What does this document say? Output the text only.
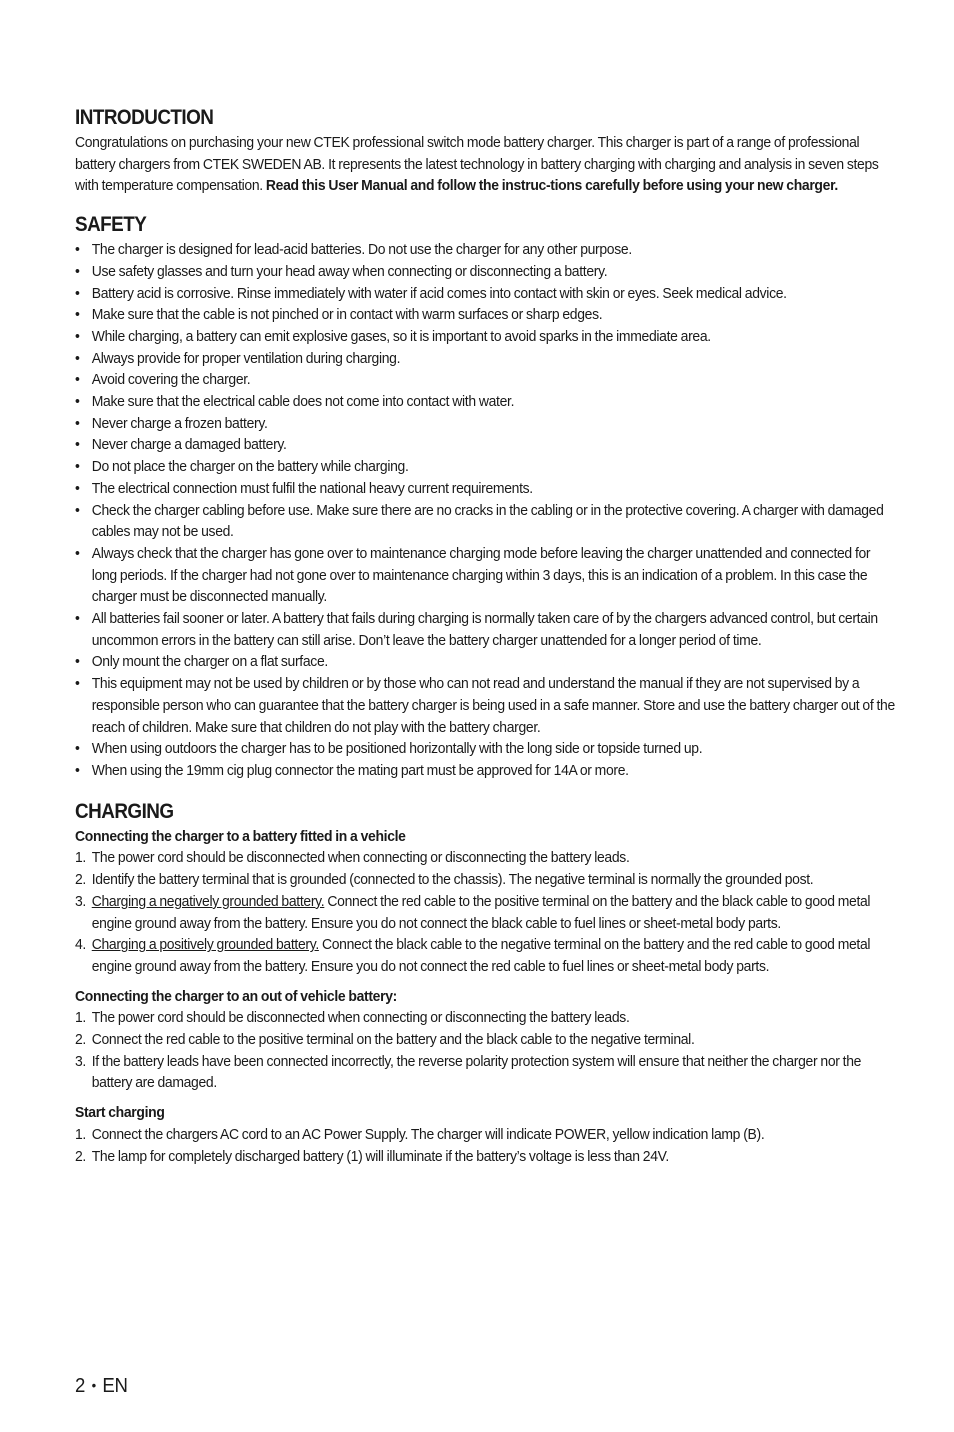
INTRODUCTION

Congratulations on purchasing your new CTEK professional switch mode battery charger. This charger is part of a range of professional battery chargers from CTEK SWEDEN AB. It represents the latest technology in battery charging with charging and analysis in seven steps with temperature compensation. Read this User Manual and follow the instruc-tions carefully before using your new charger.

SAFETY
• The charger is designed for lead-acid batteries. Do not use the charger for any other purpose.
• Use safety glasses and turn your head away when connecting or disconnecting a battery.
• Battery acid is corrosive. Rinse immediately with water if acid comes into contact with skin or eyes. Seek medical advice.
• Make sure that the cable is not pinched or in contact with warm surfaces or sharp edges.
• While charging, a battery can emit explosive gases, so it is important to avoid sparks in the immediate area.
• Always provide for proper ventilation during charging.
• Avoid covering the charger.
• Make sure that the electrical cable does not come into contact with water.
• Never charge a frozen battery.
• Never charge a damaged battery.
• Do not place the charger on the battery while charging.
• The electrical connection must fulfil the national heavy current requirements.
• Check the charger cabling before use. Make sure there are no cracks in the cabling or in the protective covering. A charger with damaged cables may not be used.
• Always check that the charger has gone over to maintenance charging mode before leaving the charger unattended and connected for long periods. If the charger had not gone over to maintenance charging within 3 days, this is an indication of a problem. In this case the charger must be disconnected manually.
• All batteries fail sooner or later. A battery that fails during charging is normally taken care of by the chargers advanced control, but certain uncommon errors in the battery can still arise. Don’t leave the battery charger unattended for a longer period of time.
• Only mount the charger on a flat surface.
• This equipment may not be used by children or by those who can not read and understand the manual if they are not supervised by a responsible person who can guarantee that the battery charger is being used in a safe manner. Store and use the battery charger out of the reach of children. Make sure that children do not play with the battery charger.
• When using outdoors the charger has to be positioned horizontally with the long side or topside turned up.
• When using the 19mm cig plug connector the mating part must be approved for 14A or more.
CHARGING

Connecting the charger to a battery fitted in a vehicle

1. The power cord should be disconnected when connecting or disconnecting the battery leads.
2. Identify the battery terminal that is grounded (connected to the chassis). The negative terminal is normally the grounded post.
3. Charging a negatively grounded battery. Connect the red cable to the positive terminal on the battery and the black cable to good metal engine ground away from the battery. Ensure you do not connect the black cable to fuel lines or sheet-metal body parts.
4. Charging a positively grounded battery. Connect the black cable to the negative terminal on the battery and the red cable to good metal engine ground away from the battery. Ensure you do not connect the red cable to fuel lines or sheet-metal body parts.

Connecting the charger to an out of vehicle battery:

1. The power cord should be disconnected when connecting or disconnecting the battery leads.
2. Connect the red cable to the positive terminal on the battery and the black cable to the negative terminal.
3. If the battery leads have been connected incorrectly, the reverse polarity protection system will ensure that neither the charger nor the battery are damaged.

Start charging

1. Connect the chargers AC cord to an AC Power Supply. The charger will indicate POWER, yellow indication lamp (B).
2. The lamp for completely discharged battery (1) will illuminate if the battery’s voltage is less than 24V.
2 • EN
